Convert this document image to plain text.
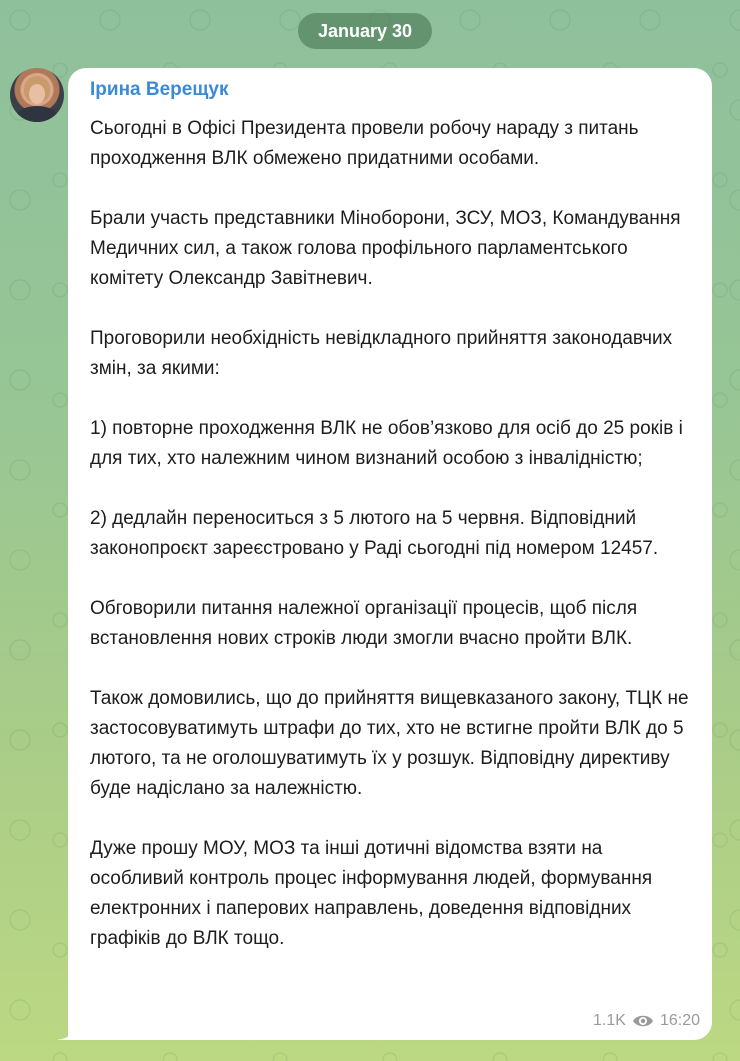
January 30
Ірина Верещук

Сьогодні в Офісі Президента провели робочу нараду з питань проходження ВЛК обмежено придатними особами.

Брали участь представники Міноборони, ЗСУ, МОЗ, Командування Медичних сил, а також голова профільного парламентського комітету Олександр Завітневич.

Проговорили необхідність невідкладного прийняття законодавчих змін, за якими:

1) повторне проходження ВЛК не обов’язково для осіб до 25 років і для тих, хто належним чином визнаний особою з інвалідністю;

2) дедлайн переноситься з 5 лютого на 5 червня. Відповідний законопроєкт зареєстровано у Раді сьогодні під номером 12457.

Обговорили питання належної організації процесів, щоб після встановлення нових строків люди змогли вчасно пройти ВЛК.

Також домовились, що до прийняття вищевказаного закону, ТЦК не застосовуватимуть штрафи до тих, хто не встигне пройти ВЛК до 5 лютого, та не оголошуватимуть їх у розшук. Відповідну директиву буде надіслано за належністю.

Дуже прошу МОУ, МОЗ та інші дотичні відомства взяти на особливий контроль процес інформування людей, формування електронних і паперових направлень, доведення відповідних графіків до ВЛК тощо.

1.1K 16:20
